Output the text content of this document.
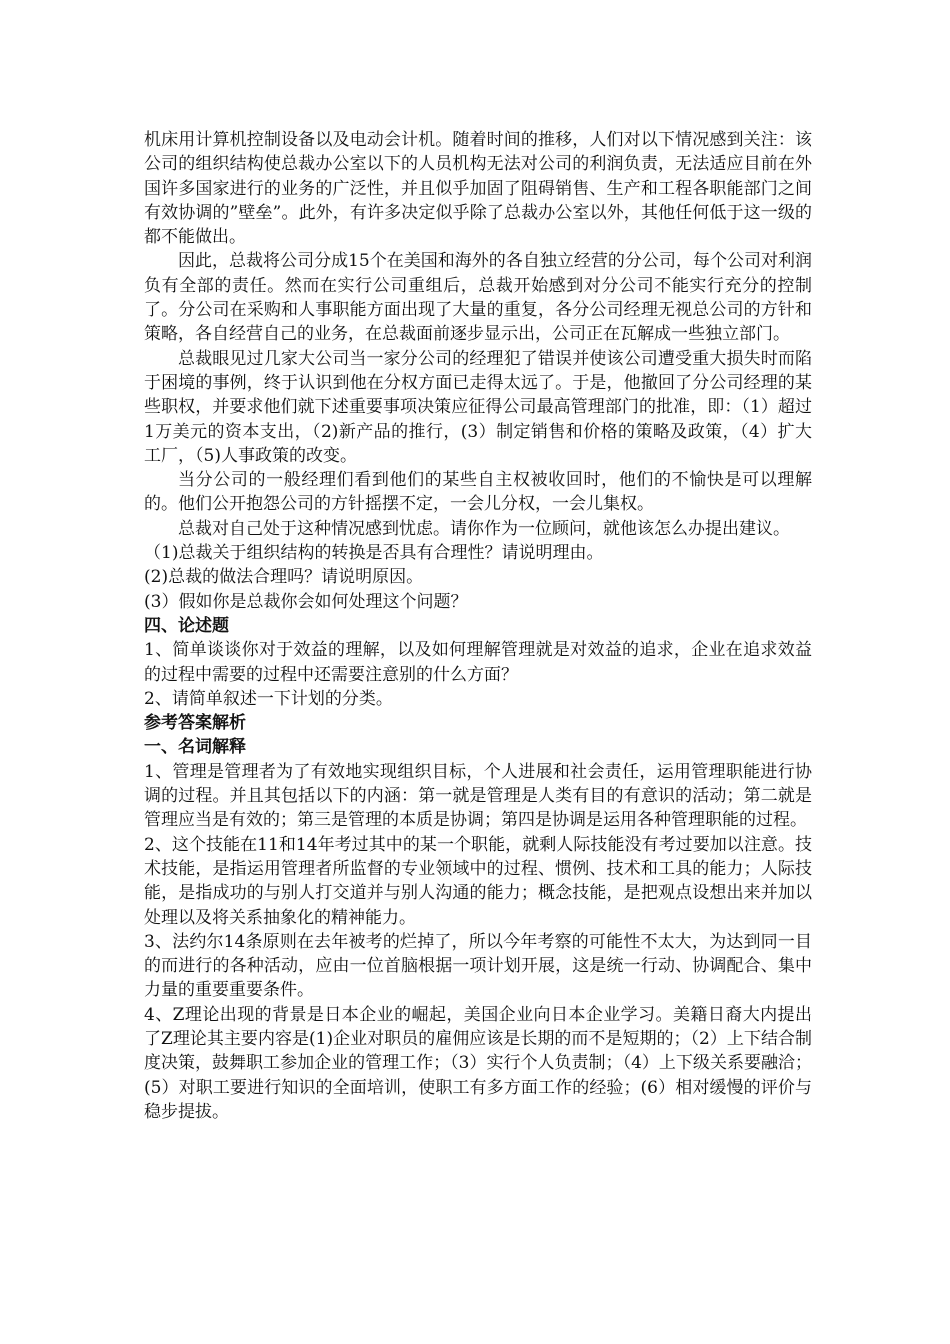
机床用计算机控制设备以及电动会计机。随着时间的推移，人们对以下情况感到关注：该公司的组织结构使总裁办公室以下的人员机构无法对公司的利润负责，无法适应目前在外国许多国家进行的业务的广泛性，并且似乎加固了阻碍销售、生产和工程各职能部门之间有效协调的”壁垒”。此外，有许多决定似乎除了总裁办公室以外，其他任何低于这一级的都不能做出。

因此，总裁将公司分成15个在美国和海外的各自独立经营的分公司，每个公司对利润负有全部的责任。然而在实行公司重组后，总裁开始感到对分公司不能实行充分的控制了。分公司在采购和人事职能方面出现了大量的重复，各分公司经理无视总公司的方针和策略，各自经营自己的业务，在总裁面前逐步显示出，公司正在瓦解成一些独立部门。

总裁眼见过几家大公司当一家分公司的经理犯了错误并使该公司遭受重大损失时而陷于困境的事例，终于认识到他在分权方面已走得太远了。于是，他撤回了分公司经理的某些职权，并要求他们就下述重要事项决策应征得公司最高管理部门的批准，即：（1）超过1万美元的资本支出，（2)新产品的推行，(3）制定销售和价格的策略及政策，（4）扩大工厂，（5)人事政策的改变。

当分公司的一般经理们看到他们的某些自主权被收回时，他们的不愉快是可以理解的。他们公开抱怨公司的方针摇摆不定，一会儿分权，一会儿集权。

总裁对自己处于这种情况感到忧虑。请你作为一位顾问，就他该怎么办提出建议。

（1)总裁关于组织结构的转换是否具有合理性？请说明理由。

(2)总裁的做法合理吗？请说明原因。

(3）假如你是总裁你会如何处理这个问题？

四、论述题

1、简单谈谈你对于效益的理解，以及如何理解管理就是对效益的追求，企业在追求效益的过程中需要的过程中还需要注意别的什么方面？

2、请简单叙述一下计划的分类。

参考答案解析

一、名词解释

1、管理是管理者为了有效地实现组织目标，个人进展和社会责任，运用管理职能进行协调的过程。并且其包括以下的内涵：第一就是管理是人类有目的有意识的活动；第二就是管理应当是有效的；第三是管理的本质是协调；第四是协调是运用各种管理职能的过程。

2、这个技能在11和14年考过其中的某一个职能，就剩人际技能没有考过要加以注意。技术技能，是指运用管理者所监督的专业领域中的过程、惯例、技术和工具的能力；人际技能，是指成功的与别人打交道并与别人沟通的能力；概念技能，是把观点设想出来并加以处理以及将关系抽象化的精神能力。

3、法约尔14条原则在去年被考的烂掉了，所以今年考察的可能性不太大，为达到同一目的而进行的各种活动，应由一位首脑根据一项计划开展，这是统一行动、协调配合、集中力量的重要重要条件。

4、Z理论出现的背景是日本企业的崛起，美国企业向日本企业学习。美籍日裔大内提出了Z理论其主要内容是(1)企业对职员的雇佣应该是长期的而不是短期的；（2）上下结合制度决策，鼓舞职工参加企业的管理工作；（3）实行个人负责制；（4）上下级关系要融洽；(5）对职工要进行知识的全面培训，使职工有多方面工作的经验；(6）相对缓慢的评价与稳步提拔。
